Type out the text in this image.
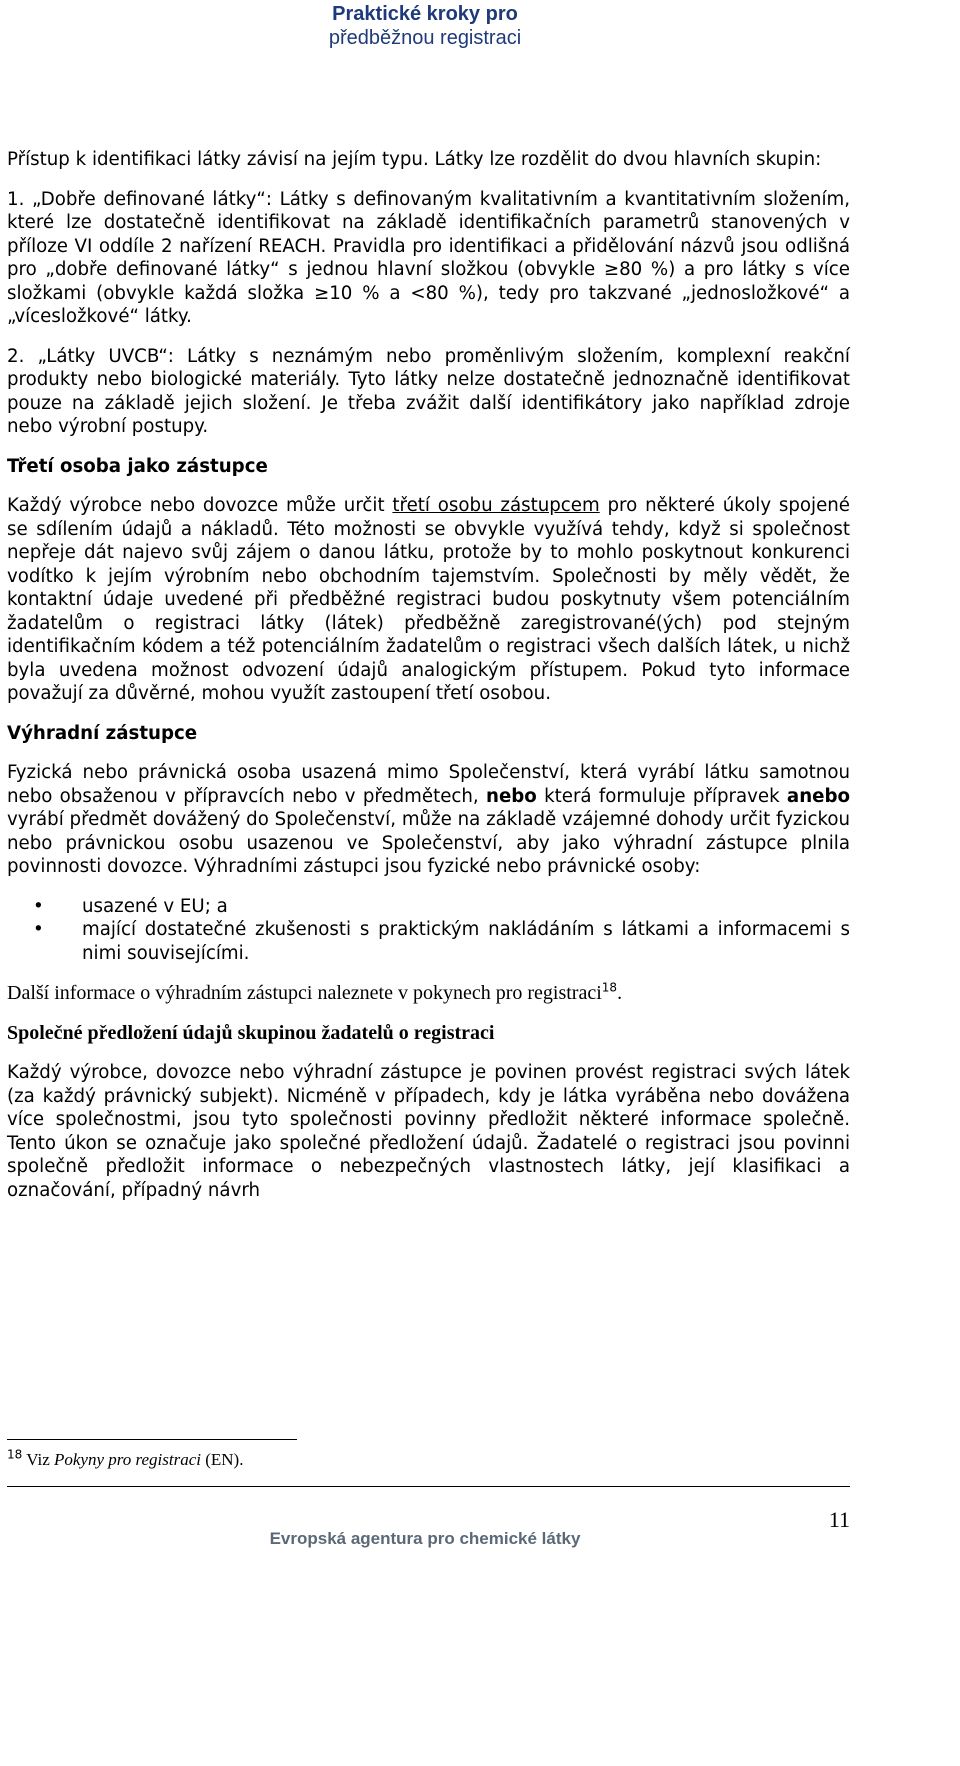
Praktické kroky pro
předběžnou registraci

Přístup k identifikaci látky závisí na jejím typu. Látky lze rozdělit do dvou hlavních skupin:

1. „Dobře definované látky“: Látky s definovaným kvalitativním a kvantitativním složením, které lze dostatečně identifikovat na základě identifikačních parametrů stanovených v příloze VI oddíle 2 nařízení REACH. Pravidla pro identifikaci a přidělování názvů jsou odlišná pro „dobře definované látky“ s jednou hlavní složkou (obvykle ≥80 %) a pro látky s více složkami (obvykle každá složka ≥10 % a <80 %), tedy pro takzvané „jednosložkové“ a „vícesložkové“ látky.

2. „Látky UVCB“: Látky s neznámým nebo proměnlivým složením, komplexní reakční produkty nebo biologické materiály. Tyto látky nelze dostatečně jednoznačně identifikovat pouze na základě jejich složení. Je třeba zvážit další identifikátory jako například zdroje nebo výrobní postupy.

Třetí osoba jako zástupce

Každý výrobce nebo dovozce může určit třetí osobu zástupcem pro některé úkoly spojené se sdílením údajů a nákladů. Této možnosti se obvykle využívá tehdy, když si společnost nepřeje dát najevo svůj zájem o danou látku, protože by to mohlo poskytnout konkurenci vodítko k jejím výrobním nebo obchodním tajemstvím. Společnosti by měly vědět, že kontaktní údaje uvedené při předběžné registraci budou poskytnuty všem potenciálním žadatelům o registraci látky (látek) předběžně zaregistrované(ých) pod stejným identifikačním kódem a též potenciálním žadatelům o registraci všech dalších látek, u nichž byla uvedena možnost odvození údajů analogickým přístupem. Pokud tyto informace považují za důvěrné, mohou využít zastoupení třetí osobou.

Výhradní zástupce

Fyzická nebo právnická osoba usazená mimo Společenství, která vyrábí látku samotnou nebo obsaženou v přípravcích nebo v předmětech, nebo která formuluje přípravek anebo vyrábí předmět dovážený do Společenství, může na základě vzájemné dohody určit fyzickou nebo právnickou osobu usazenou ve Společenství, aby jako výhradní zástupce plnila povinnosti dovozce. Výhradními zástupci jsou fyzické nebo právnické osoby:

• usazené v EU; a
• mající dostatečné zkušenosti s praktickým nakládáním s látkami a informacemi s nimi souvisejícími.

Další informace o výhradním zástupci naleznete v pokynech pro registraci$^{18}$.

Společné předložení údajů skupinou žadatelů o registraci

Každý výrobce, dovozce nebo výhradní zástupce je povinen provést registraci svých látek (za každý právnický subjekt). Nicméně v případech, kdy je látka vyráběna nebo dovážena více společnostmi, jsou tyto společnosti povinny předložit některé informace společně. Tento úkon se označuje jako společné předložení údajů. Žadatelé o registraci jsou povinni společně předložit informace o nebezpečných vlastnostech látky, její klasifikaci a označování, případný návrh

$^{18}$ Viz Pokyny pro registraci (EN).
11
Evropská agentura pro chemické látky
